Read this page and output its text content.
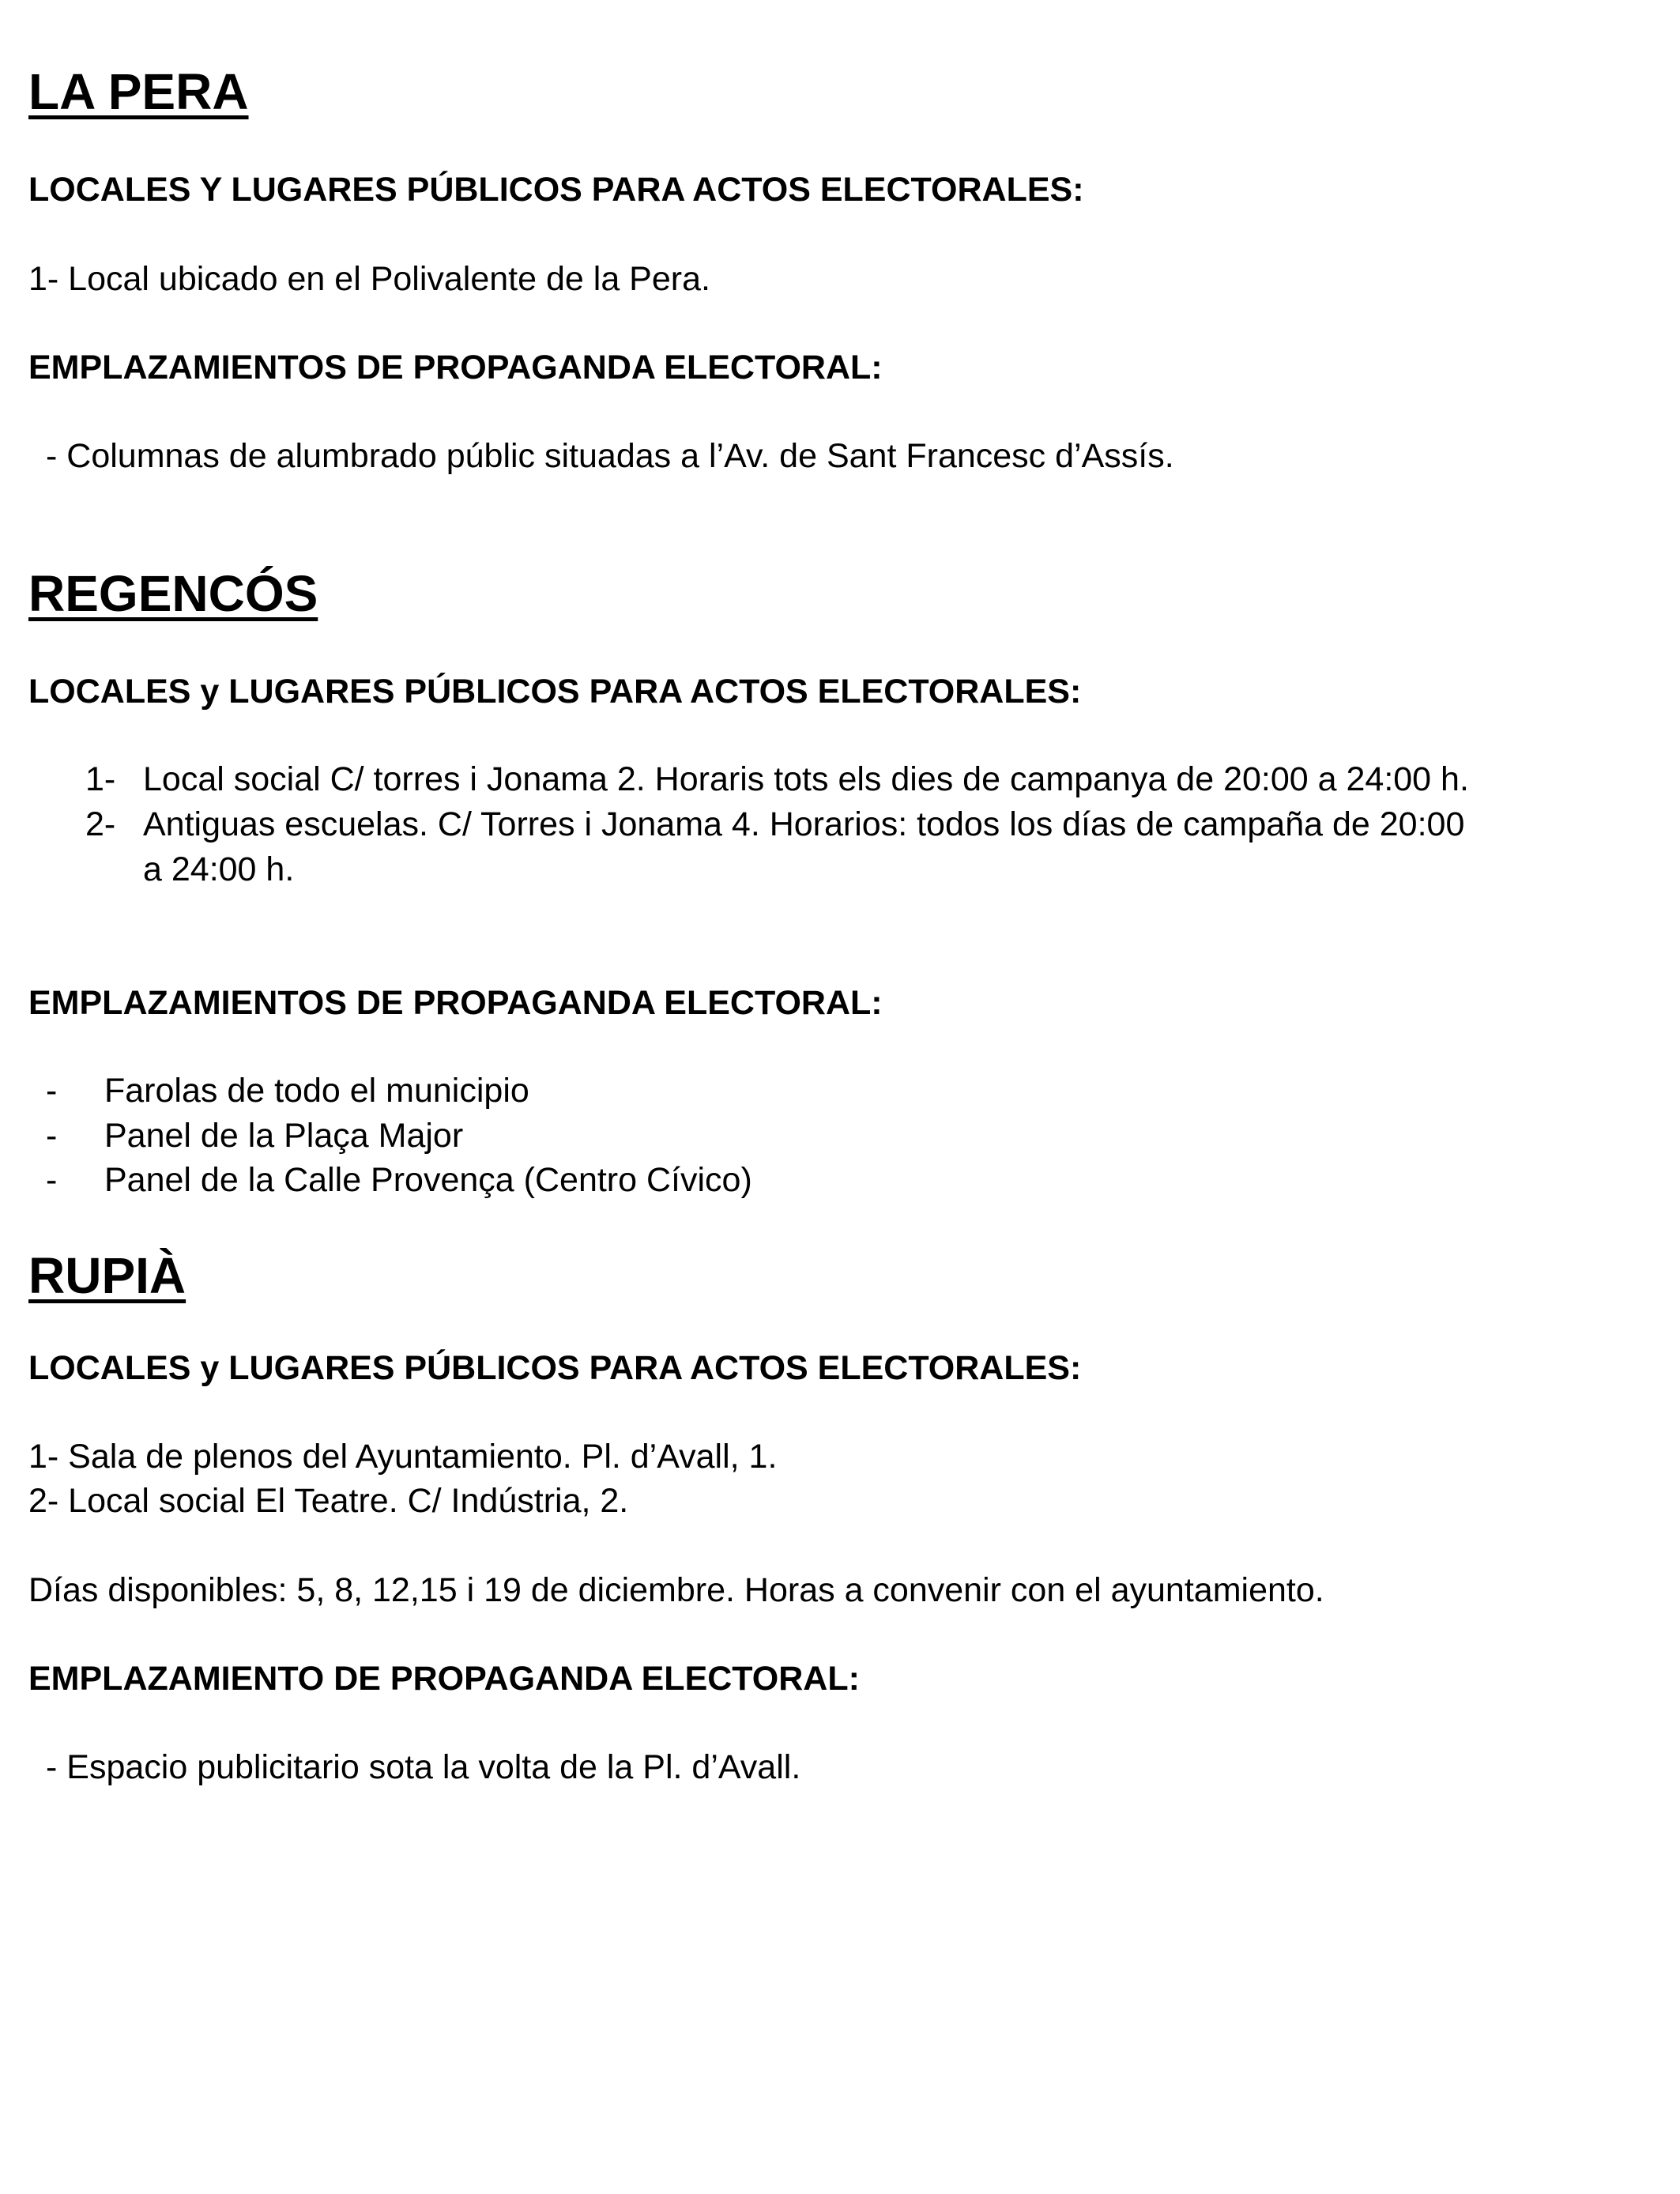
LA PERA
LOCALES Y LUGARES PÚBLICOS PARA ACTOS ELECTORALES:
1- Local ubicado en el Polivalente de la Pera.
EMPLAZAMIENTOS DE PROPAGANDA ELECTORAL:
- Columnas de alumbrado públic situadas a l’Av. de Sant Francesc d’Assís.
REGENCÓS
LOCALES y LUGARES PÚBLICOS PARA ACTOS ELECTORALES:
1- Local social C/ torres i Jonama 2. Horaris tots els dies de campanya de 20:00 a 24:00 h.
2- Antiguas escuelas. C/ Torres i Jonama 4. Horarios: todos los días de campaña de 20:00
a 24:00 h.
EMPLAZAMIENTOS DE PROPAGANDA ELECTORAL:
- Farolas de todo el municipio
- Panel de la Plaça Major
- Panel de la Calle Provença (Centro Cívico)
RUPIÀ
LOCALES y LUGARES PÚBLICOS PARA ACTOS ELECTORALES:
1- Sala de plenos del Ayuntamiento. Pl. d’Avall, 1.
2- Local social El Teatre. C/ Indústria, 2.
Días disponibles: 5, 8, 12,15 i 19 de diciembre. Horas a convenir con el ayuntamiento.
EMPLAZAMIENTO DE PROPAGANDA ELECTORAL:
- Espacio publicitario sota la volta de la Pl. d’Avall.
